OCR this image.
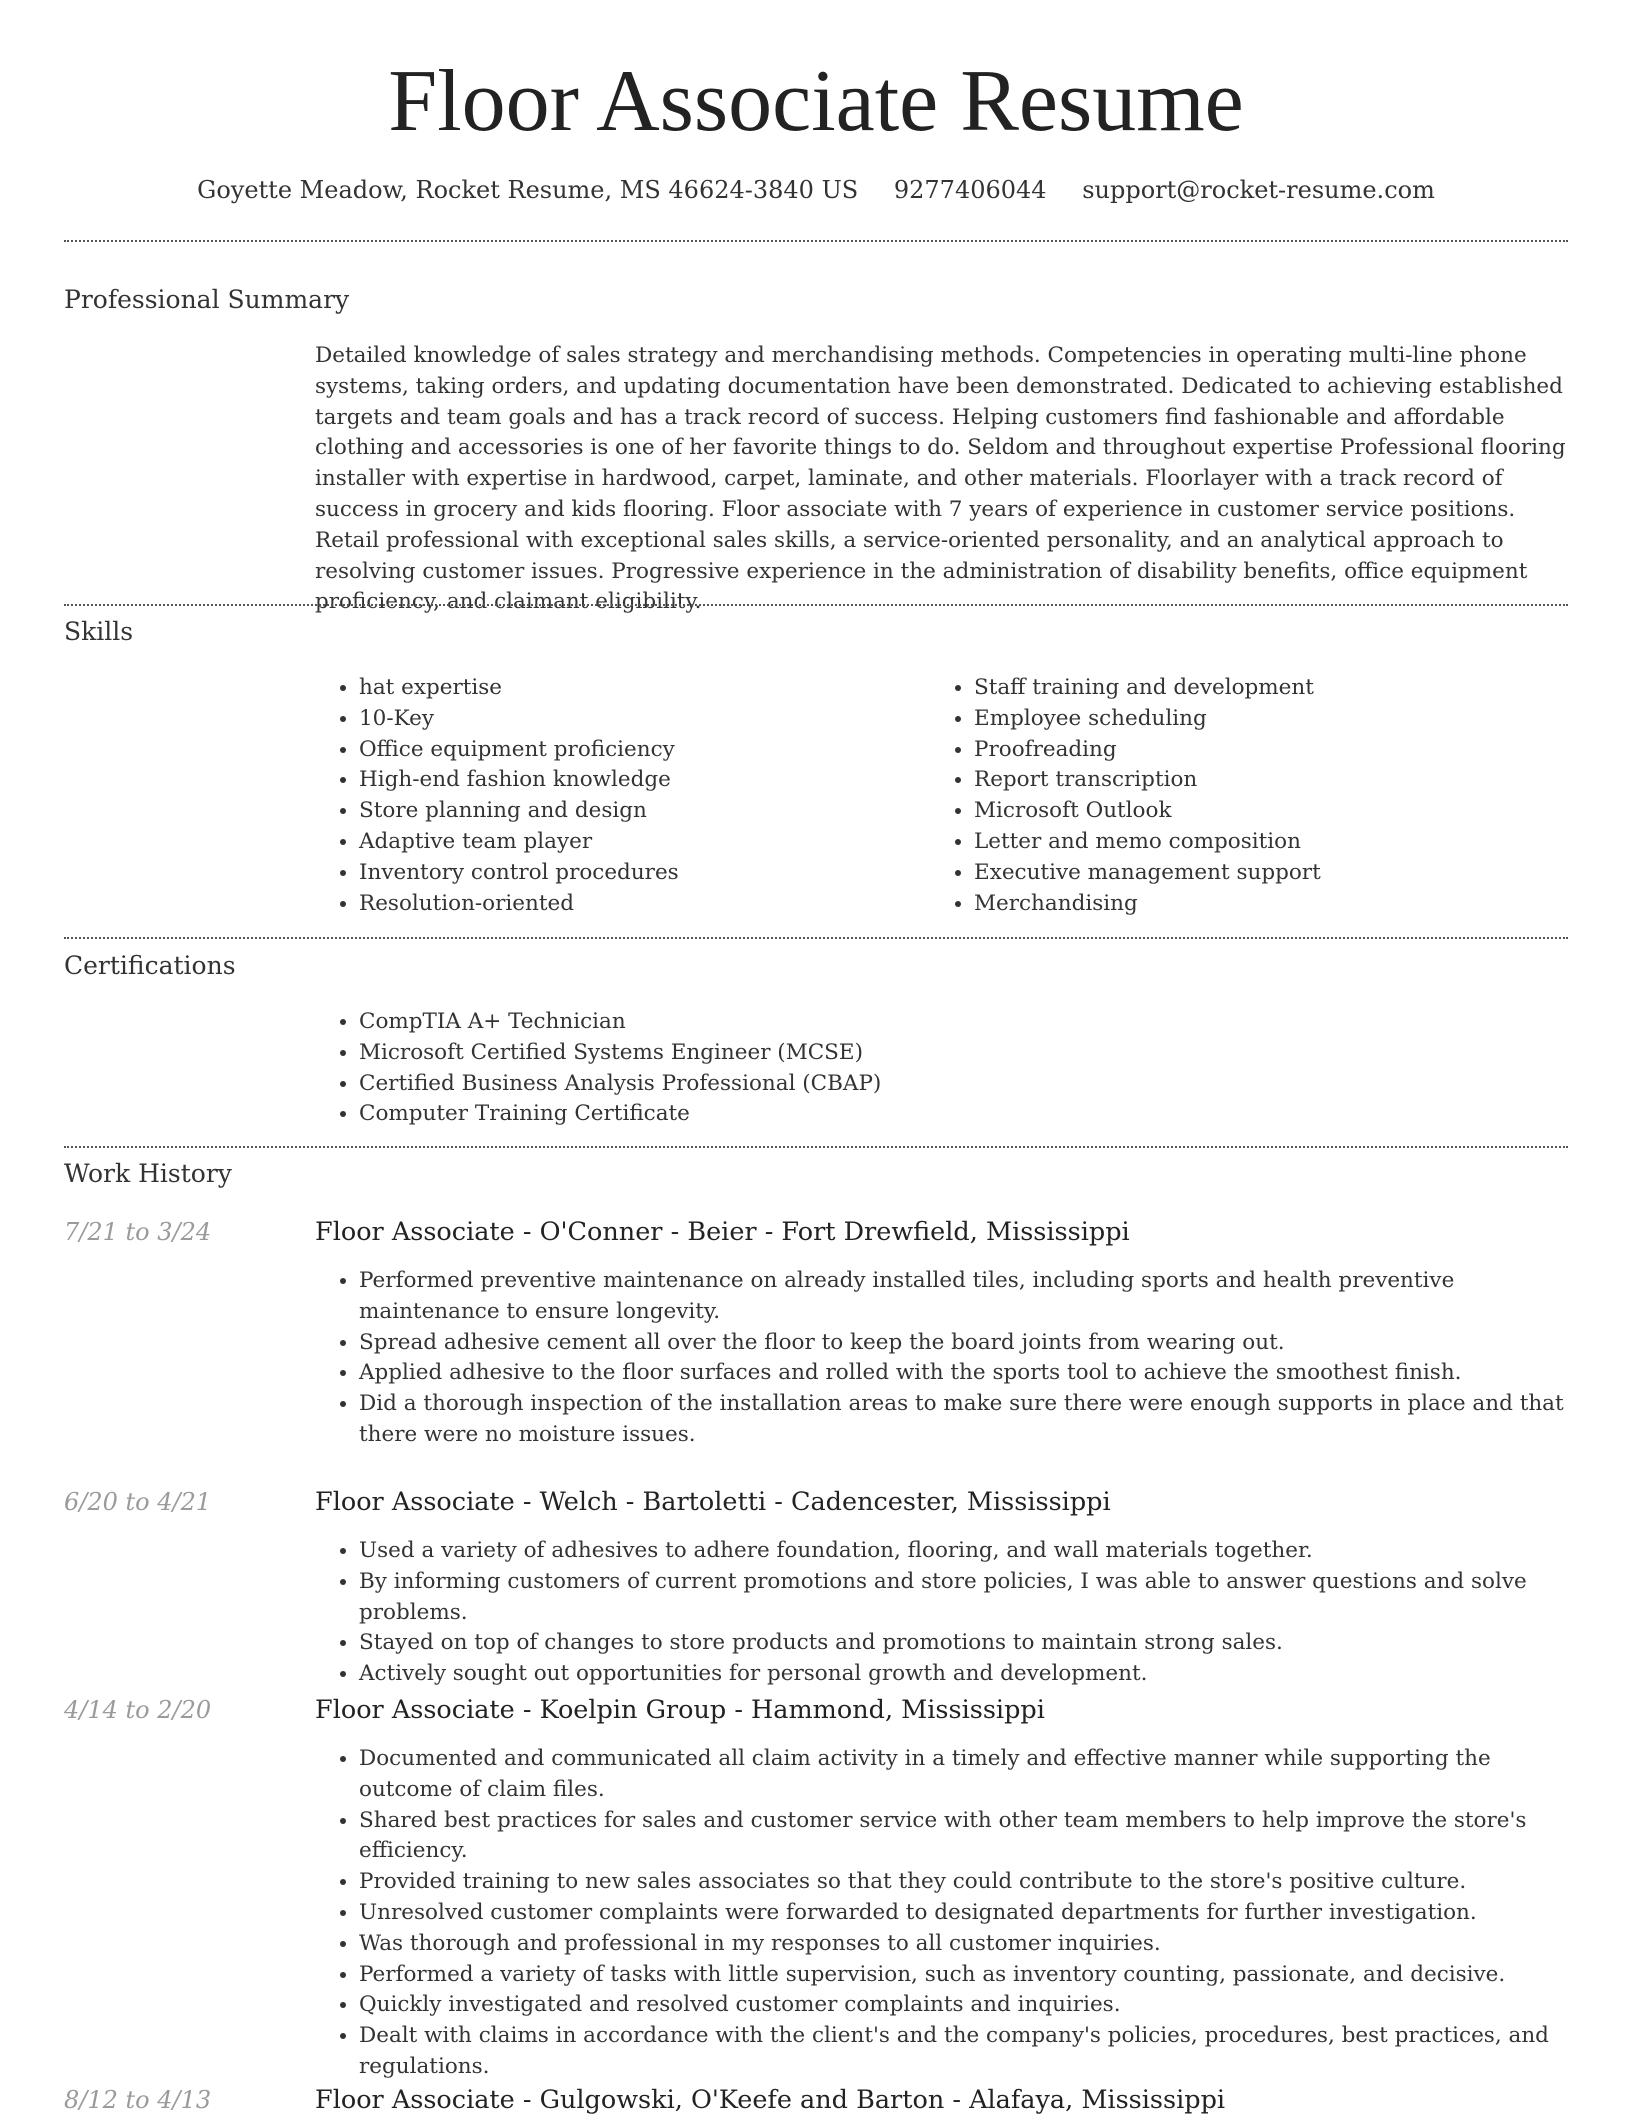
Floor Associate Resume
Goyette Meadow, Rocket Resume, MS 46624-3840 US 9277406044 support@rocket-resume.com
Professional Summary

Detailed knowledge of sales strategy and merchandising methods. Competencies in operating multi-line phone systems, taking orders, and updating documentation have been demonstrated. Dedicated to achieving established targets and team goals and has a track record of success. Helping customers find fashionable and affordable clothing and accessories is one of her favorite things to do. Seldom and throughout expertise Professional flooring installer with expertise in hardwood, carpet, laminate, and other materials. Floorlayer with a track record of success in grocery and kids flooring. Floor associate with 7 years of experience in customer service positions. Retail professional with exceptional sales skills, a service-oriented personality, and an analytical approach to resolving customer issues. Progressive experience in the administration of disability benefits, office equipment proficiency, and claimant eligibility.

Skills
• hat expertise
• 10-Key
• Office equipment proficiency
• High-end fashion knowledge
• Store planning and design
• Adaptive team player
• Inventory control procedures
• Resolution-oriented
• Staff training and development
• Employee scheduling
• Proofreading
• Report transcription
• Microsoft Outlook
• Letter and memo composition
• Executive management support
• Merchandising
Certifications
• CompTIA A+ Technician
• Microsoft Certified Systems Engineer (MCSE)
• Certified Business Analysis Professional (CBAP)
• Computer Training Certificate
Work History
7/21 to 3/24	Floor Associate - O'Conner - Beier - Fort Drewfield, Mississippi
• Performed preventive maintenance on already installed tiles, including sports and health preventive maintenance to ensure longevity.
• Spread adhesive cement all over the floor to keep the board joints from wearing out.
• Applied adhesive to the floor surfaces and rolled with the sports tool to achieve the smoothest finish.
• Did a thorough inspection of the installation areas to make sure there were enough supports in place and that there were no moisture issues.
6/20 to 4/21	Floor Associate - Welch - Bartoletti - Cadencester, Mississippi
• Used a variety of adhesives to adhere foundation, flooring, and wall materials together.
• By informing customers of current promotions and store policies, I was able to answer questions and solve problems.
• Stayed on top of changes to store products and promotions to maintain strong sales.
• Actively sought out opportunities for personal growth and development.
4/14 to 2/20	Floor Associate - Koelpin Group - Hammond, Mississippi
• Documented and communicated all claim activity in a timely and effective manner while supporting the outcome of claim files.
• Shared best practices for sales and customer service with other team members to help improve the store's efficiency.
• Provided training to new sales associates so that they could contribute to the store's positive culture.
• Unresolved customer complaints were forwarded to designated departments for further investigation.
• Was thorough and professional in my responses to all customer inquiries.
• Performed a variety of tasks with little supervision, such as inventory counting, passionate, and decisive.
• Quickly investigated and resolved customer complaints and inquiries.
• Dealt with claims in accordance with the client's and the company's policies, procedures, best practices, and regulations.
8/12 to 4/13	Floor Associate - Gulgowski, O'Keefe and Barton - Alafaya, Mississippi
